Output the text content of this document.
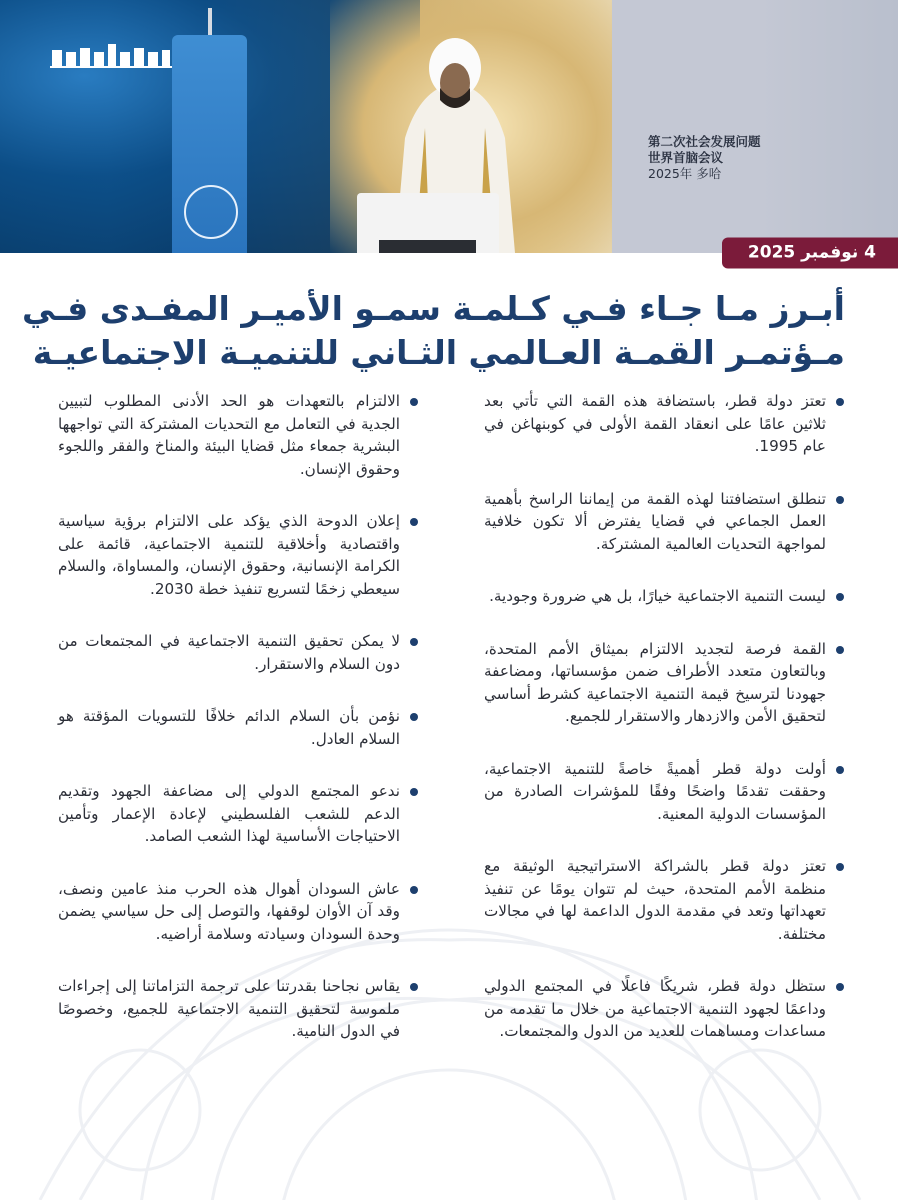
第二次社会发展问题
世界首脑会议
2025年 多哈
4 نوفمبر 2025
أبـرز مـا جـاء فـي كـلمـة سمـو الأميـر المفـدى فـي
مـؤتمـر القمـة العـالمي الثـاني للتنميـة الاجتماعيـة
تعتز دولة قطر، باستضافة هذه القمة التي تأتي بعد ثلاثين عامًا على انعقاد القمة الأولى في كوبنهاغن في عام 1995.
تنطلق استضافتنا لهذه القمة من إيماننا الراسخ بأهمية العمل الجماعي في قضايا يفترض ألا تكون خلافية لمواجهة التحديات العالمية المشتركة.
ليست التنمية الاجتماعية خيارًا، بل هي ضرورة وجودية.
القمة فرصة لتجديد الالتزام بميثاق الأمم المتحدة، وبالتعاون متعدد الأطراف ضمن مؤسساتها، ومضاعفة جهودنا لترسيخ قيمة التنمية الاجتماعية كشرط أساسي لتحقيق الأمن والازدهار والاستقرار للجميع.
أولت دولة قطر أهميةً خاصةً للتنمية الاجتماعية، وحققت تقدمًا واضحًا وفقًا للمؤشرات الصادرة من المؤسسات الدولية المعنية.
تعتز دولة قطر بالشراكة الاستراتيجية الوثيقة مع منظمة الأمم المتحدة، حيث لم تتوان يومًا عن تنفيذ تعهداتها وتعد في مقدمة الدول الداعمة لها في مجالات مختلفة.
ستظل دولة قطر، شريكًا فاعلًا في المجتمع الدولي وداعمًا لجهود التنمية الاجتماعية من خلال ما تقدمه من مساعدات ومساهمات للعديد من الدول والمجتمعات.
الالتزام بالتعهدات هو الحد الأدنى المطلوب لتبيين الجدية في التعامل مع التحديات المشتركة التي تواجهها البشرية جمعاء مثل قضايا البيئة والمناخ والفقر واللجوء وحقوق الإنسان.
إعلان الدوحة الذي يؤكد على الالتزام برؤية سياسية واقتصادية وأخلاقية للتنمية الاجتماعية، قائمة على الكرامة الإنسانية، وحقوق الإنسان، والمساواة، والسلام سيعطي زخمًا لتسريع تنفيذ خطة 2030.
لا يمكن تحقيق التنمية الاجتماعية في المجتمعات من دون السلام والاستقرار.
نؤمن بأن السلام الدائم خلافًا للتسويات المؤقتة هو السلام العادل.
ندعو المجتمع الدولي إلى مضاعفة الجهود وتقديم الدعم للشعب الفلسطيني لإعادة الإعمار وتأمين الاحتياجات الأساسية لهذا الشعب الصامد.
عاش السودان أهوال هذه الحرب منذ عامين ونصف، وقد آن الأوان لوقفها، والتوصل إلى حل سياسي يضمن وحدة السودان وسيادته وسلامة أراضيه.
يقاس نجاحنا بقدرتنا على ترجمة التزاماتنا إلى إجراءات ملموسة لتحقيق التنمية الاجتماعية للجميع، وخصوصًا في الدول النامية.
